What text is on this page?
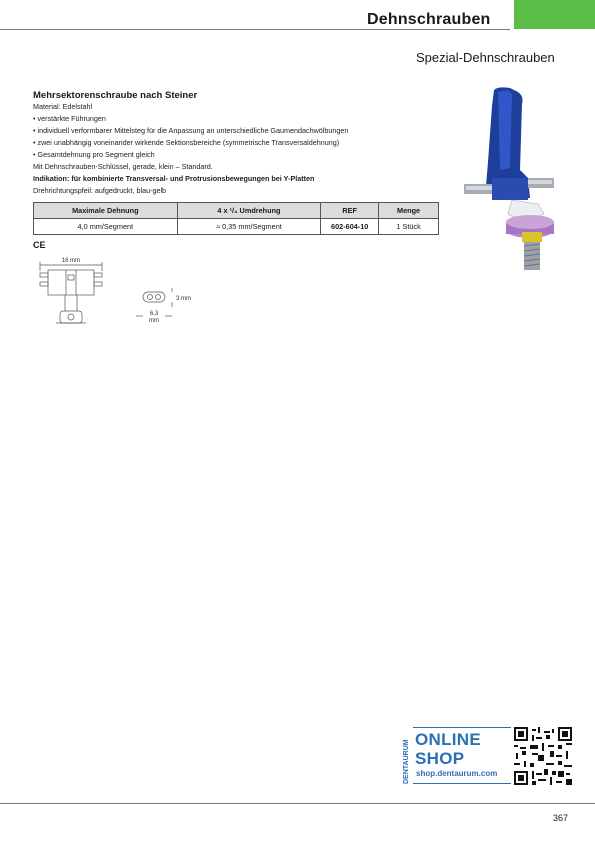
Dehnschrauben
Spezial-Dehnschrauben
Mehrsektorenschraube nach Steiner
Material: Edelstahl
• verstärkte Führungen
• individuell verformbarer Mittelsteg für die Anpassung an unterschiedliche Gaumendachwölbungen
• zwei unabhängig voneinander wirkende Sektionsbereiche (symmetrische Transversaldehnung)
• Gesamtdehnung pro Segment gleich
Mit Dehnschrauben-Schlüssel, gerade, klein – Standard.
Indikation: für kombinierte Transversal- und Protrusionsbewegungen bei Y-Platten
Drehrichtungspfeil: aufgedruckt, blau-gelb
Maximale Dehnung	4 x ¹/₄ Umdrehung	REF	Menge
4,0 mm/Segment	≈ 0,35 mm/Segment	602-604-10	1 Stück
CE
16 mm
3 mm
6,3
mm
DENTAURUM ONLINE
SHOP
shop.dentaurum.com
367
